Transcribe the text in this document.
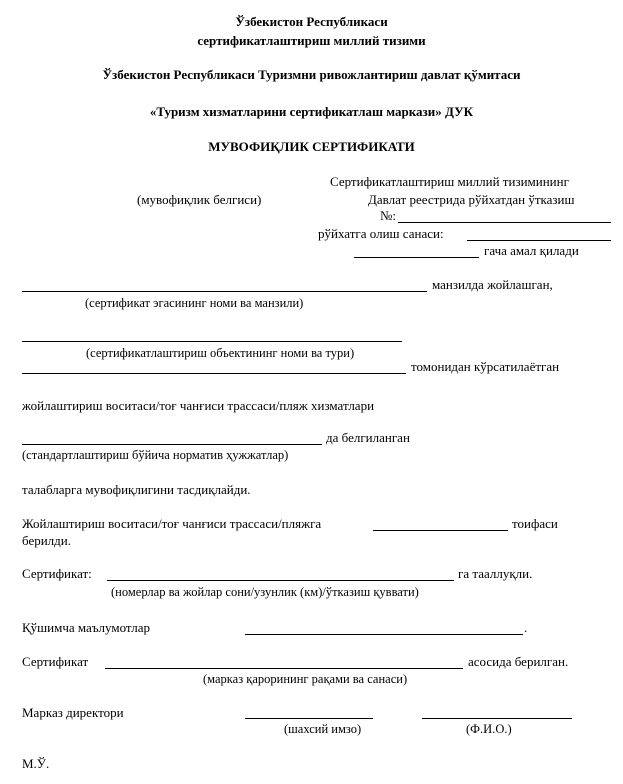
Ўзбекистон Республикаси
сертификатлаштириш миллий тизими
Ўзбекистон Республикаси Туризмни ривожлантириш давлат қўмитаси
«Туризм хизматларини сертификатлаш маркази» ДУК
МУВОФИҚЛИК СЕРТИФИКАТИ
(мувофиқлик белгиси)
Сертификатлаштириш миллий тизимининг
Давлат реестрида рўйхатдан ўтказиш
№:
рўйхатга олиш санаси:
гача амал қилади
манзилда жойлашган,
(сертификат эгасининг номи ва манзили)
(сертификатлаштириш объектининг номи ва тури)
томонидан кўрсатилаётган
жойлаштириш воситаси/тоғ чанғиси трассаси/пляж хизматлари
да белгиланган
(стандартлаштириш бўйича норматив ҳужжатлар)
талабларга мувофиқлигини тасдиқлайди.
Жойлаштириш воситаси/тоғ чанғиси трассаси/пляжга	тоифаси
берилди.
Сертификат:	га тааллуқли.
(номерлар ва жойлар сони/узунлик (км)/ўтказиш қуввати)
Қўшимча маълумотлар	.
Сертификат	асосида берилган.
(марказ қарорининг рақами ва санаси)
Марказ директори
(шахсий имзо)	(Ф.И.О.)
М.Ў.
